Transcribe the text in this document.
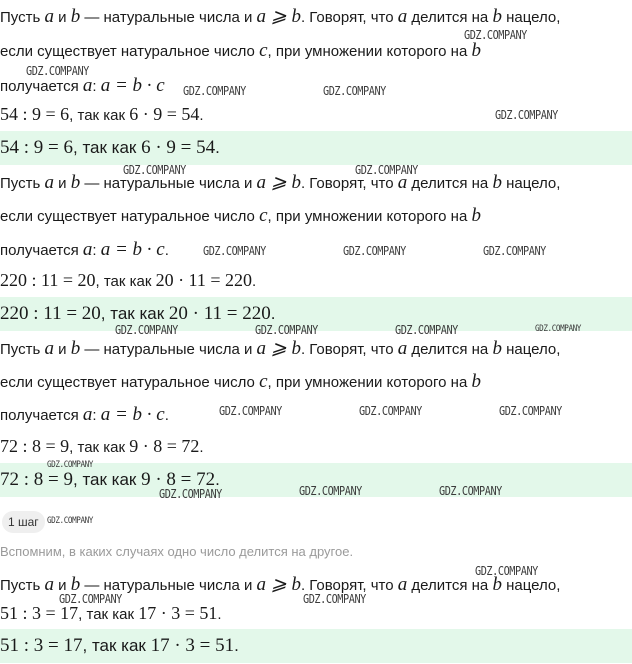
Пусть a и b — натуральные числа и a ⩾ b. Говорят, что a делится на b нацело,
если существует натуральное число c, при умножении которого на b
получается a: a = b · c
54 : 9 = 6, так как 6 · 9 = 54.
54 : 9 = 6, так как 6 · 9 = 54.
Пусть a и b — натуральные числа и a ⩾ b. Говорят, что a делится на b нацело,
если существует натуральное число c, при умножении которого на b
получается a: a = b · c.
220 : 11 = 20, так как 20 · 11 = 220.
220 : 11 = 20, так как 20 · 11 = 220.
Пусть a и b — натуральные числа и a ⩾ b. Говорят, что a делится на b нацело,
если существует натуральное число c, при умножении которого на b
получается a: a = b · c.
72 : 8 = 9, так как 9 · 8 = 72.
72 : 8 = 9, так как 9 · 8 = 72.
1 шаг
Вспомним, в каких случаях одно число делится на другое.
Пусть a и b — натуральные числа и a ⩾ b. Говорят, что a делится на b нацело,
51 : 3 = 17, так как 17 · 3 = 51.
51 : 3 = 17, так как 17 · 3 = 51.
GDZ.COMPANY
GDZ.COMPANY
GDZ.COMPANY	GDZ.COMPANY
GDZ.COMPANY
GDZ.COMPANY	GDZ.COMPANY
GDZ.COMPANY	GDZ.COMPANY	GDZ.COMPANY
GDZ.COMPANY	GDZ.COMPANY	GDZ.COMPANY	GDZ.COMPANY
GDZ.COMPANY	GDZ.COMPANY	GDZ.COMPANY
GDZ.COMPANY
GDZ.COMPANY	GDZ.COMPANY	GDZ.COMPANY
GDZ.COMPANY
GDZ.COMPANY
GDZ.COMPANY	GDZ.COMPANY
